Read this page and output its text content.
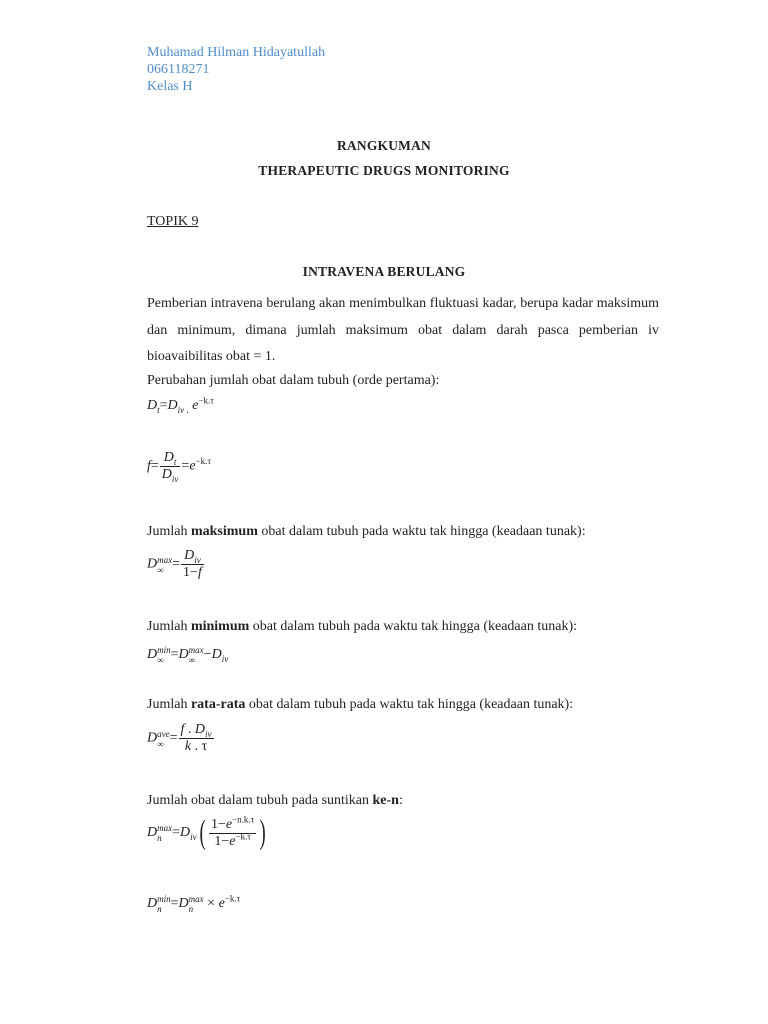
Muhamad Hilman Hidayatullah
066118271
Kelas H
RANGKUMAN
THERAPEUTIC DRUGS MONITORING
TOPIK 9
INTRAVENA BERULANG
Pemberian intravena berulang akan menimbulkan fluktuasi kadar, berupa kadar maksimum dan minimum, dimana jumlah maksimum obat dalam darah pasca pemberian iv bioavaibilitas obat = 1.
Perubahan jumlah obat dalam tubuh (orde pertama):
$D_t=D_{iv .}$ $e^{-k.\tau}$
$f= \frac{D_t}{D_{iv}} =e^{-k.\tau}$
Jumlah maksimum obat dalam tubuh pada waktu tak hingga (keadaan tunak):
D max
∞ = $\frac{D_{iv}}{1-f}$
Jumlah minimum obat dalam tubuh pada waktu tak hingga (keadaan tunak):
D min
∞ =D max
∞ $-D_{iv}$
Jumlah rata-rata obat dalam tubuh pada waktu tak hingga (keadaan tunak):
D ave
∞ = $\frac{f . D_{iv}}{k . \tau}$
Jumlah obat dalam tubuh pada suntikan ke-n:
D max
$n =D_{iv}( \frac{1-e^{-n.k.\tau}}{1-e^{-k.\tau}}$ )
D min
n =D max
$n \times e^{-k.\tau}$
